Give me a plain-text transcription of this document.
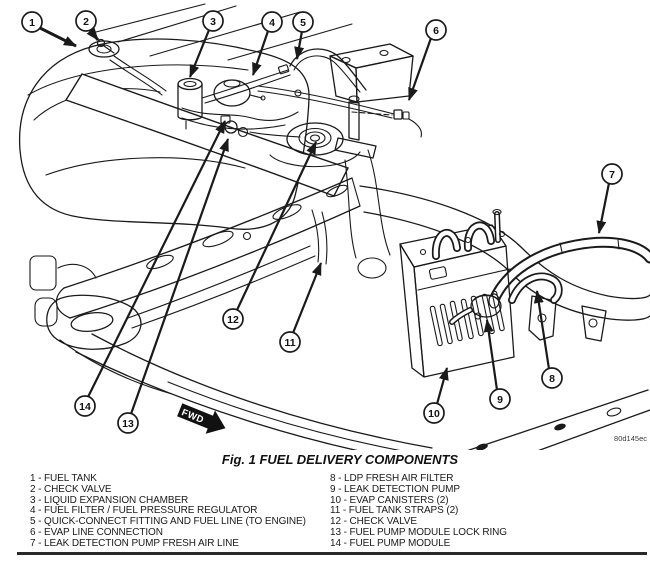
1	2	3	4 5
6
7
8
9
10
11
12
13
14
FWD
80d145ec
Fig. 1 FUEL DELIVERY COMPONENTS
1 - FUEL TANK
2 - CHECK VALVE
3 - LIQUID EXPANSION CHAMBER
4 - FUEL FILTER / FUEL PRESSURE REGULATOR
5 - QUICK-CONNECT FITTING AND FUEL LINE (TO ENGINE)
6 - EVAP LINE CONNECTION
7 - LEAK DETECTION PUMP FRESH AIR LINE
8 - LDP FRESH AIR FILTER
9 - LEAK DETECTION PUMP
10 - EVAP CANISTERS (2)
11 - FUEL TANK STRAPS (2)
12 - CHECK VALVE
13 - FUEL PUMP MODULE LOCK RING
14 - FUEL PUMP MODULE
